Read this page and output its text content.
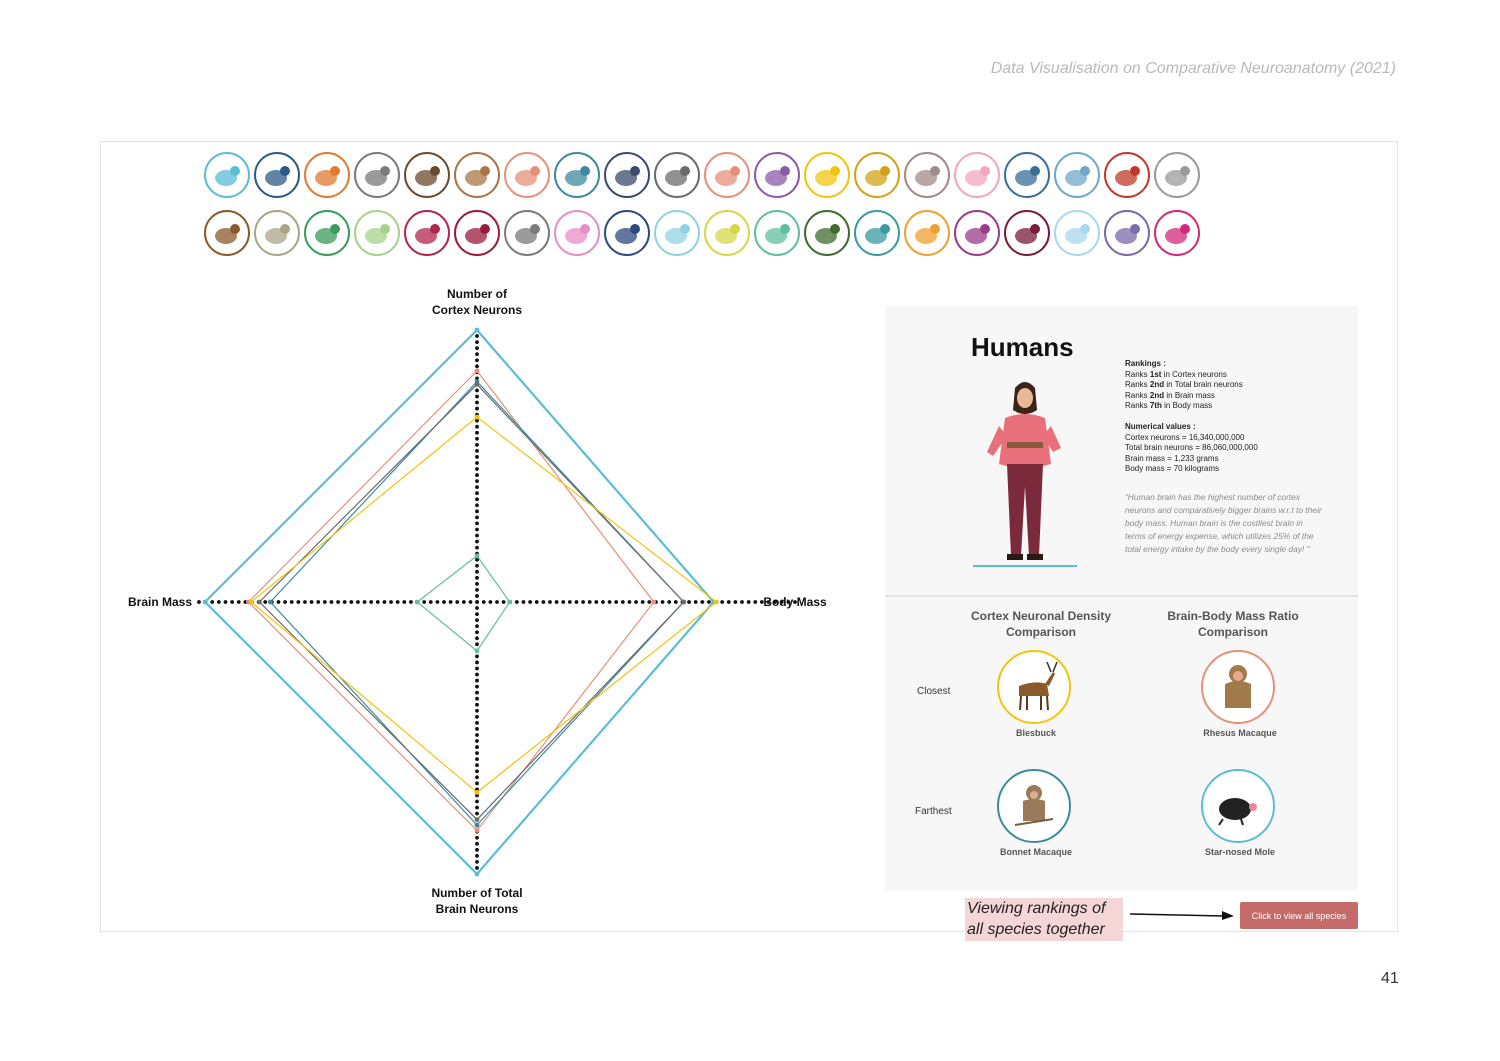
Data Visualisation on Comparative Neuroanatomy (2021)
Number of
Cortex Neurons
Number of Total
Brain Neurons
Brain Mass	Body Mass
Humans
Rankings :
Ranks 1st in Cortex neurons
Ranks 2nd in Total brain neurons
Ranks 2nd in Brain mass
Ranks 7th in Body mass
Numerical values :
Cortex neurons = 16,340,000,000
Total brain neurons = 86,060,000,000
Brain mass = 1,233 grams
Body mass = 70 kilograms
“Human brain has the highest number of cortex neurons and comparatively bigger brains w.r.t to their body mass. Human brain is the costliest brain in terms of energy expense, which utilizes 25% of the total energy intake by the body every single day! ”
Cortex Neuronal Density
Comparison
Brain-Body Mass Ratio
Comparison
Closest
Farthest
Blesbuck	Rhesus Macaque
Bonnet Macaque	Star-nosed Mole
Viewing rankings of all species together
Click to view all species
41
